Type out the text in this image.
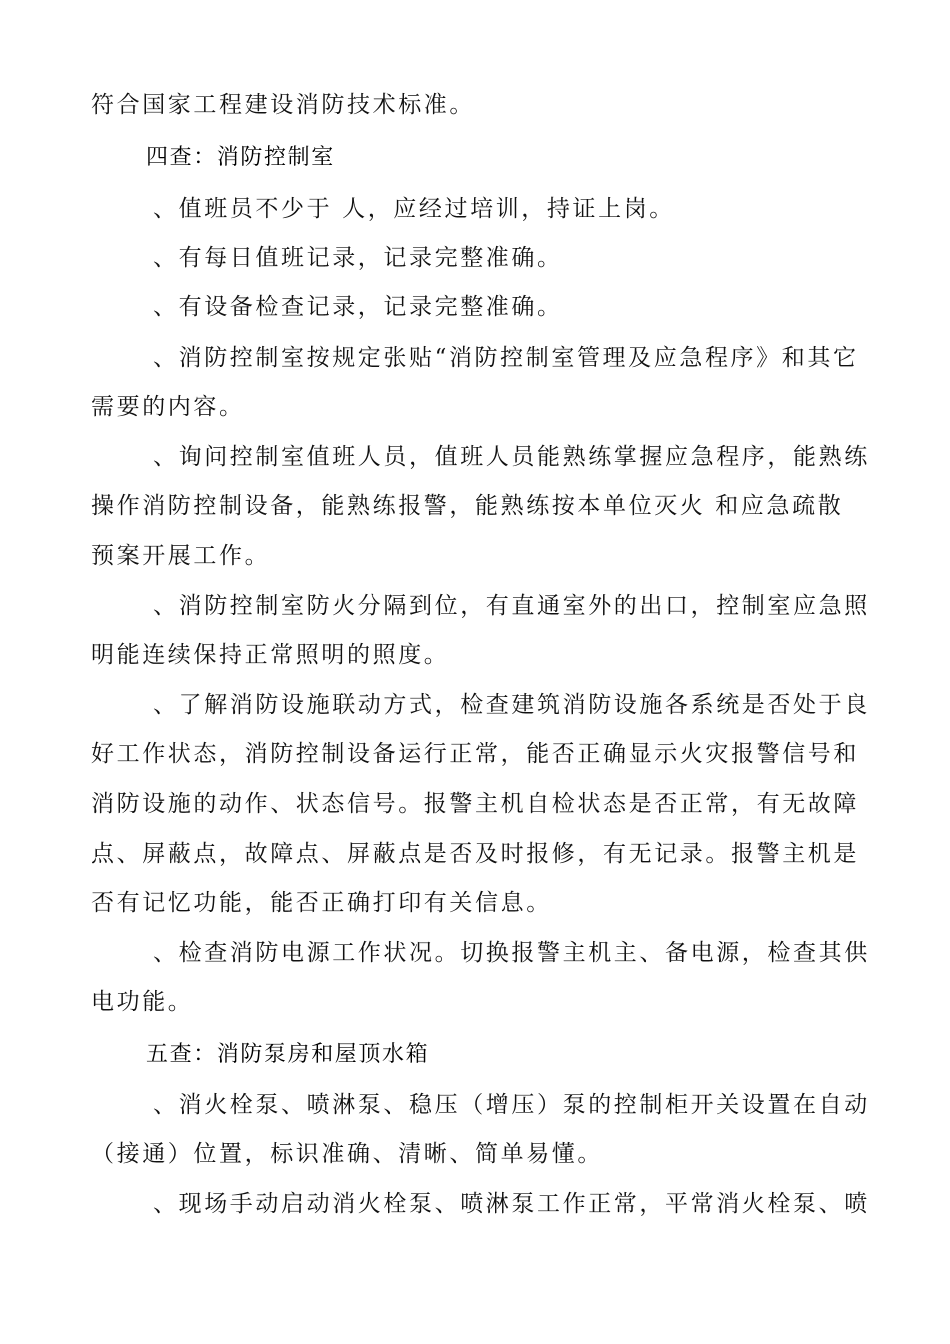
符合国家工程建设消防技术标准。
四查：消防控制室
、值班员不少于 人，应经过培训，持证上岗。
、有每日值班记录，记录完整准确。
、有设备检查记录，记录完整准确。
、消防控制室按规定张贴“消防控制室管理及应急程序》和其它
需要的内容。
、询问控制室值班人员，值班人员能熟练掌握应急程序，能熟练
操作消防控制设备，能熟练报警，能熟练按本单位灭火 和应急疏散
预案开展工作。
、消防控制室防火分隔到位，有直通室外的出口，控制室应急照
明能连续保持正常照明的照度。
、了解消防设施联动方式，检查建筑消防设施各系统是否处于良
好工作状态，消防控制设备运行正常，能否正确显示火灾报警信号和
消防设施的动作、状态信号。报警主机自检状态是否正常，有无故障
点、屏蔽点，故障点、屏蔽点是否及时报修，有无记录。报警主机是
否有记忆功能，能否正确打印有关信息。
、检查消防电源工作状况。切换报警主机主、备电源，检查其供
电功能。
五查：消防泵房和屋顶水箱
、消火栓泵、喷淋泵、稳压（增压）泵的控制柜开关设置在自动
（接通）位置，标识准确、清晰、简单易懂。
、现场手动启动消火栓泵、喷淋泵工作正常，平常消火栓泵、喷
